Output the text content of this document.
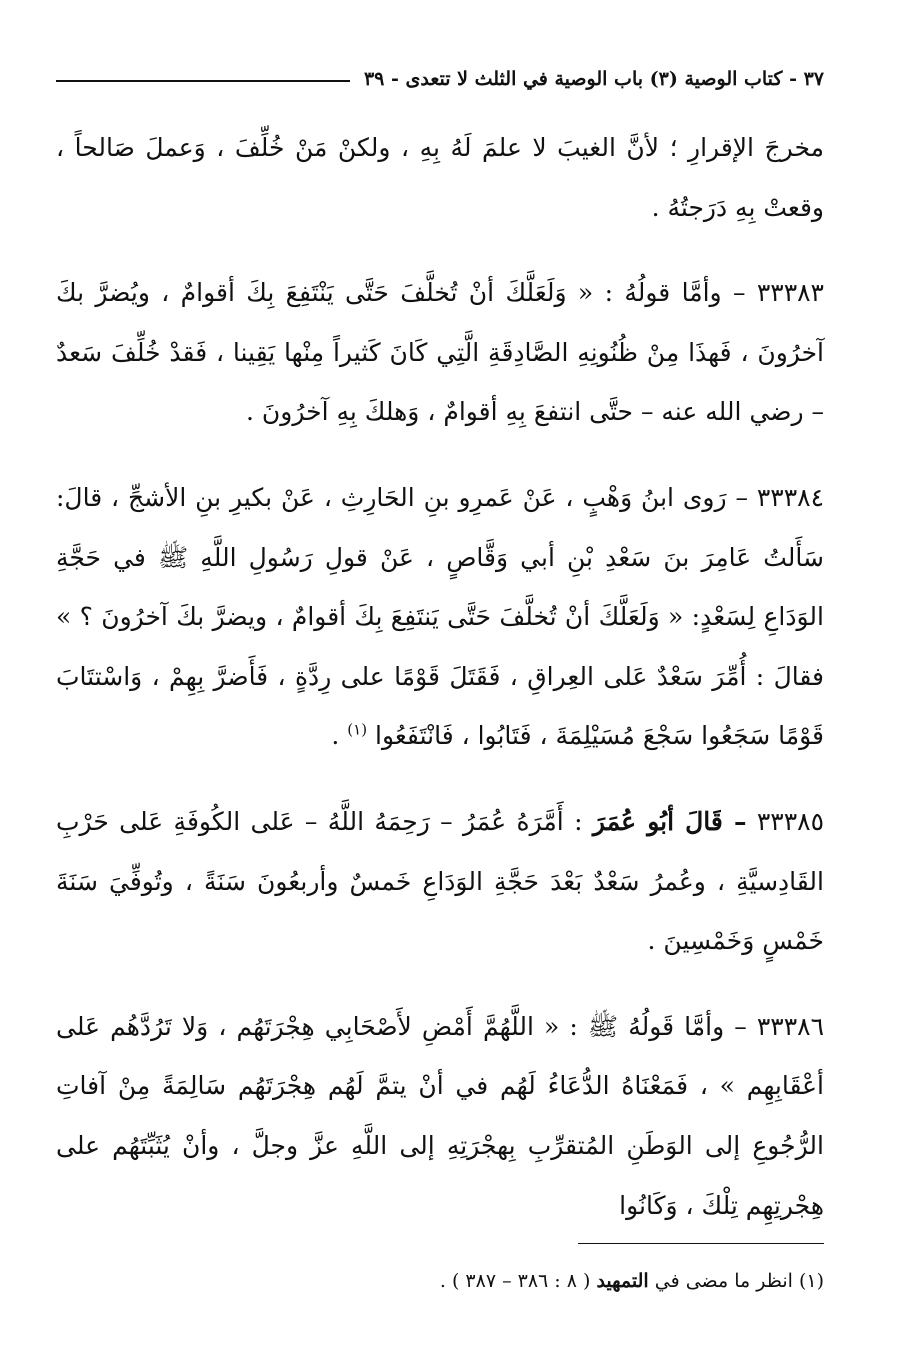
٣٧ - كتاب الوصية (٣) باب الوصية في الثلث لا تتعدى - ٣٩

مخرجَ الإقرارِ ؛ لأنَّ الغيبَ لا علمَ لَهُ بِهِ ، ولكنْ مَنْ خُلِّفَ ، وَعملَ صَالحاً ، وقعتْ بِهِ دَرَجتُهُ .

٣٣٣٨٣ – وأمَّا قولُهُ : « وَلَعَلَّكَ أنْ تُخلَّفَ حَتَّى يَنْتَفِعَ بِكَ أقوامٌ ، ويُضرَّ بكَ آخرُونَ ، فَهذَا مِنْ ظُنُونِهِ الصَّادِقَةِ الَّتِي كَانَ كَثيراً مِنْها يَقِينا ، فَقدْ خُلِّفَ سَعدٌ – رضي الله عنه – حتَّى انتفعَ بِهِ أقوامٌ ، وَهلكَ بِهِ آخرُونَ .

٣٣٣٨٤ – رَوى ابنُ وَهْبٍ ، عَنْ عَمرِو بنِ الحَارِثِ ، عَنْ بكيرِ بنِ الأشجِّ ، قالَ: سَأَلتُ عَامِرَ بنَ سَعْدِ بْنِ أبي وَقَّاصٍ ، عَنْ قولِ رَسُولِ اللَّهِ ﷺ في حَجَّةِ الوَدَاعِ لِسَعْدٍ: « وَلَعَلَّكَ أنْ تُخلَّفَ حَتَّى يَنتَفِعَ بِكَ أقوامٌ ، ويضرَّ بكَ آخرُونَ ؟ » فقالَ : أُمِّرَ سَعْدٌ عَلى العِراقِ ، فَقَتَلَ قَوْمًا على رِدَّةٍ ، فَأَضرَّ بِهِمْ ، وَاسْتتَابَ قَوْمًا سَجَعُوا سَجْعَ مُسَيْلِمَةَ ، فَتَابُوا ، فَانْتَفَعُوا $^{(١)}$ .

٣٣٣٨٥ – قَالَ أبُو عُمَرَ : أَمَّرَهُ عُمَرُ – رَحِمَهُ اللَّهُ – عَلى الكُوفَةِ عَلى حَرْبِ القَادِسيَّةِ ، وعُمرُ سَعْدٌ بَعْدَ حَجَّةِ الوَدَاعِ خَمسٌ وأربعُونَ سَنَةً ، وتُوفِّيَ سَنَةَ خَمْسٍ وَخَمْسِينَ .

٣٣٣٨٦ – وأمَّا قَولُهُ ﷺ : « اللَّهُمَّ أَمْضِ لأَصْحَابِي هِجْرَتَهُم ، وَلا تَرُدَّهُم عَلى أعْقَابِهِم » ، فَمَعْنَاهُ الدُّعَاءُ لَهُم في أنْ يتمَّ لَهُم هِجْرَتَهُم سَالِمَةً مِنْ آفاتِ الرُّجُوعِ إلى الوَطَنِ المُتقرِّبِ بِهجْرَتِهِ إلى اللَّهِ عزَّ وجلَّ ، وأنْ يُثَبِّتَهُم على هِجْرتِهِم تِلْكَ ، وَكَانُوا

(١) انظر ما مضى في التمهيد ( ٨ : ٣٨٦ – ٣٨٧ ) .
